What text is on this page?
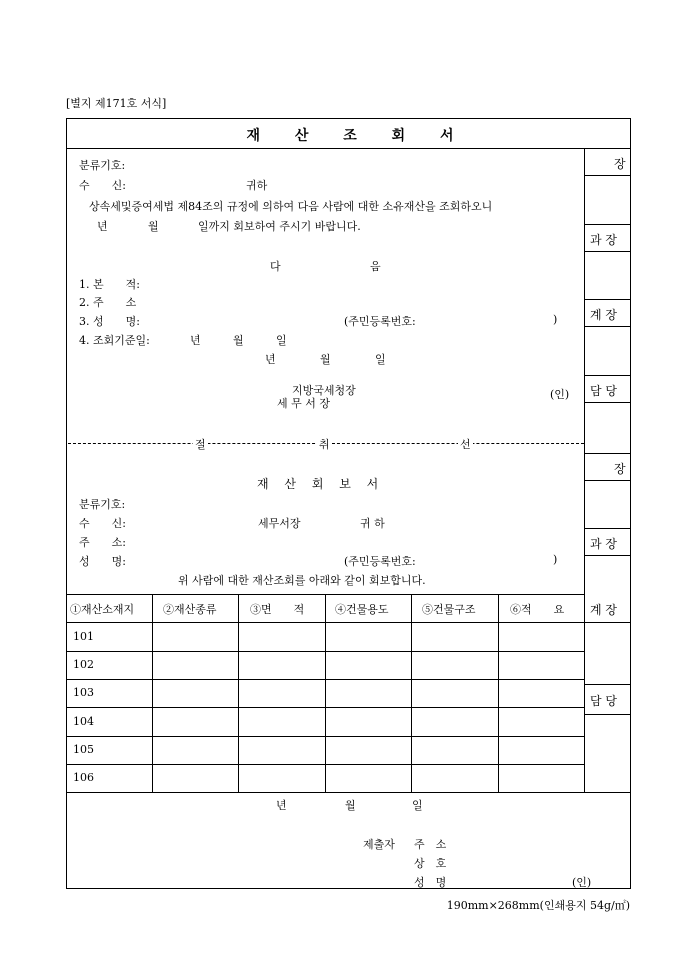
[별지 제171호 서식]
장
과 장
계 장
담 당
장
과 장
계 장
담 당
재 산 조 회 서
분류기호:
수　　신:	귀하
상속세및증여세법 제84조의 규정에 의하여 다음 사람에 대한 소유재산을 조회하오니
년	월	일까지 회보하여 주시기 바랍니다.
다	음
1. 본　　적:
2. 주　　소
3. 성　　명:	(주민등록번호:	)
4. 조회기준일:	년	월	일
년	월	일
지방국세청장
세 무 서 장
(인)
절	취	선
재 산 회 보 서
분류기호:
수　　신:	세무서장	귀 하
주　　소:
성　　명:	(주민등록번호:	)
위 사람에 대한 재산조회를 아래와 같이 회보합니다.
①재산소재지	②재산종류	③면　　적	④건물용도	⑤건물구조	⑥적　　요
101
102
103
104
105
106
년	월	일
제출자 주　소
상　호
성　명	(인)
190mm×268mm(인쇄용지 54g/㎡)
